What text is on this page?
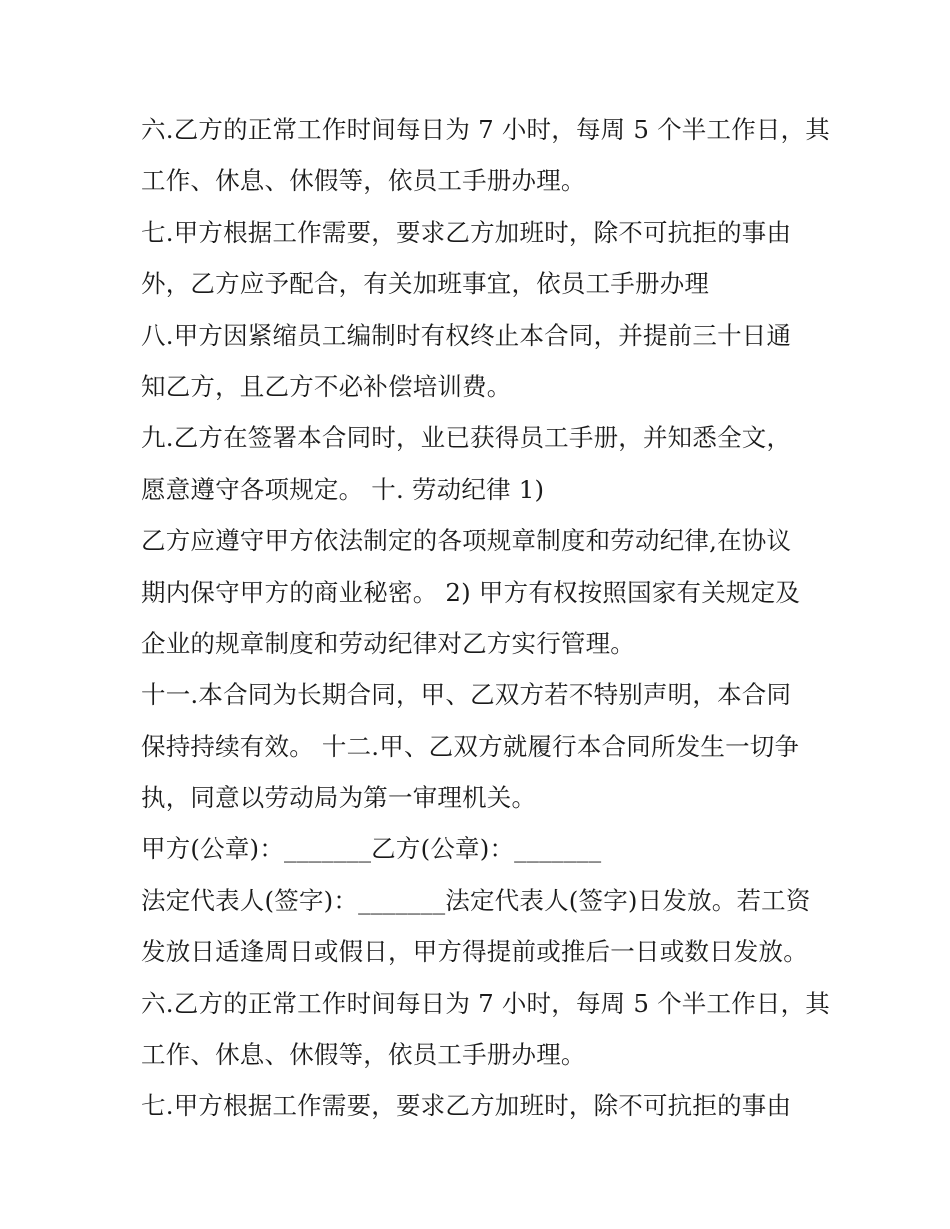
六.乙方的正常工作时间每日为 7 小时，每周 5 个半工作日，其
工作、休息、休假等，依员工手册办理。
七.甲方根据工作需要，要求乙方加班时，除不可抗拒的事由
外，乙方应予配合，有关加班事宜，依员工手册办理
八.甲方因紧缩员工编制时有权终止本合同，并提前三十日通
知乙方，且乙方不必补偿培训费。
九.乙方在签署本合同时，业已获得员工手册，并知悉全文，
愿意遵守各项规定。 十. 劳动纪律 1)
乙方应遵守甲方依法制定的各项规章制度和劳动纪律,在协议
期内保守甲方的商业秘密。 2) 甲方有权按照国家有关规定及
企业的规章制度和劳动纪律对乙方实行管理。
十一.本合同为长期合同，甲、乙双方若不特别声明，本合同
保持持续有效。 十二.甲、乙双方就履行本合同所发生一切争
执，同意以劳动局为第一审理机关。
甲方(公章)：_______乙方(公章)：_______
法定代表人(签字)：_______法定代表人(签字)日发放。若工资
发放日适逢周日或假日，甲方得提前或推后一日或数日发放。
六.乙方的正常工作时间每日为 7 小时，每周 5 个半工作日，其
工作、休息、休假等，依员工手册办理。
七.甲方根据工作需要，要求乙方加班时，除不可抗拒的事由
